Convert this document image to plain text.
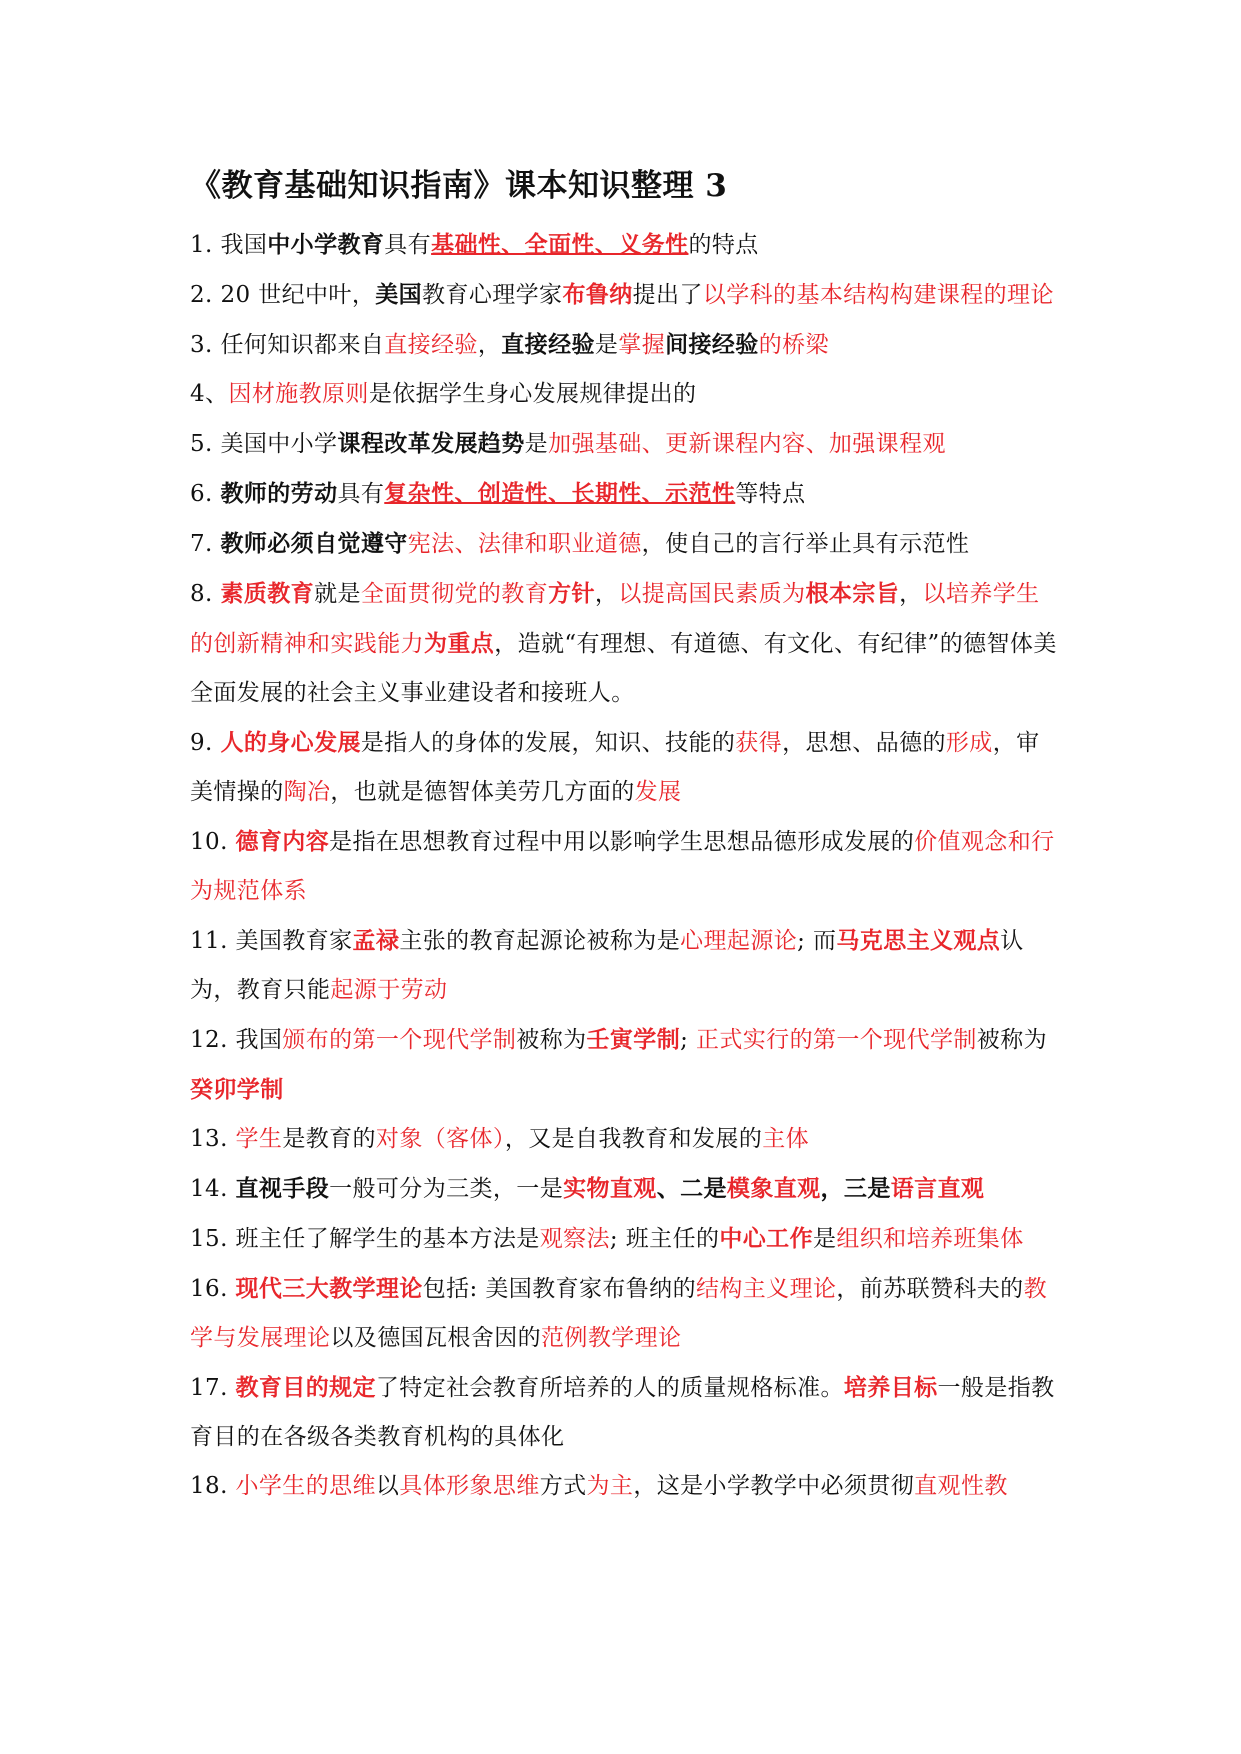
《教育基础知识指南》课本知识整理 3

1. 我国中小学教育具有基础性、全面性、义务性的特点

2. 20 世纪中叶，美国教育心理学家布鲁纳提出了以学科的基本结构构建课程的理论

3. 任何知识都来自直接经验，直接经验是掌握间接经验的桥梁

4、因材施教原则是依据学生身心发展规律提出的

5. 美国中小学课程改革发展趋势是加强基础、更新课程内容、加强课程观

6. 教师的劳动具有复杂性、创造性、长期性、示范性等特点

7. 教师必须自觉遵守宪法、法律和职业道德，使自己的言行举止具有示范性

8. 素质教育就是全面贯彻党的教育方针，以提高国民素质为根本宗旨，以培养学生的创新精神和实践能力为重点，造就“有理想、有道德、有文化、有纪律”的德智体美全面发展的社会主义事业建设者和接班人。

9. 人的身心发展是指人的身体的发展，知识、技能的获得，思想、品德的形成，审美情操的陶冶，也就是德智体美劳几方面的发展

10. 德育内容是指在思想教育过程中用以影响学生思想品德形成发展的价值观念和行为规范体系

11. 美国教育家孟禄主张的教育起源论被称为是心理起源论; 而马克思主义观点认为，教育只能起源于劳动

12. 我国颁布的第一个现代学制被称为壬寅学制; 正式实行的第一个现代学制被称为癸卯学制

13. 学生是教育的对象（客体），又是自我教育和发展的主体

14. 直视手段一般可分为三类，一是实物直观、二是模象直观，三是语言直观

15. 班主任了解学生的基本方法是观察法; 班主任的中心工作是组织和培养班集体

16. 现代三大教学理论包括: 美国教育家布鲁纳的结构主义理论，前苏联赞科夫的教学与发展理论以及德国瓦根舍因的范例教学理论

17. 教育目的规定了特定社会教育所培养的人的质量规格标准。培养目标一般是指教育目的在各级各类教育机构的具体化

18. 小学生的思维以具体形象思维方式为主，这是小学教学中必须贯彻直观性教
